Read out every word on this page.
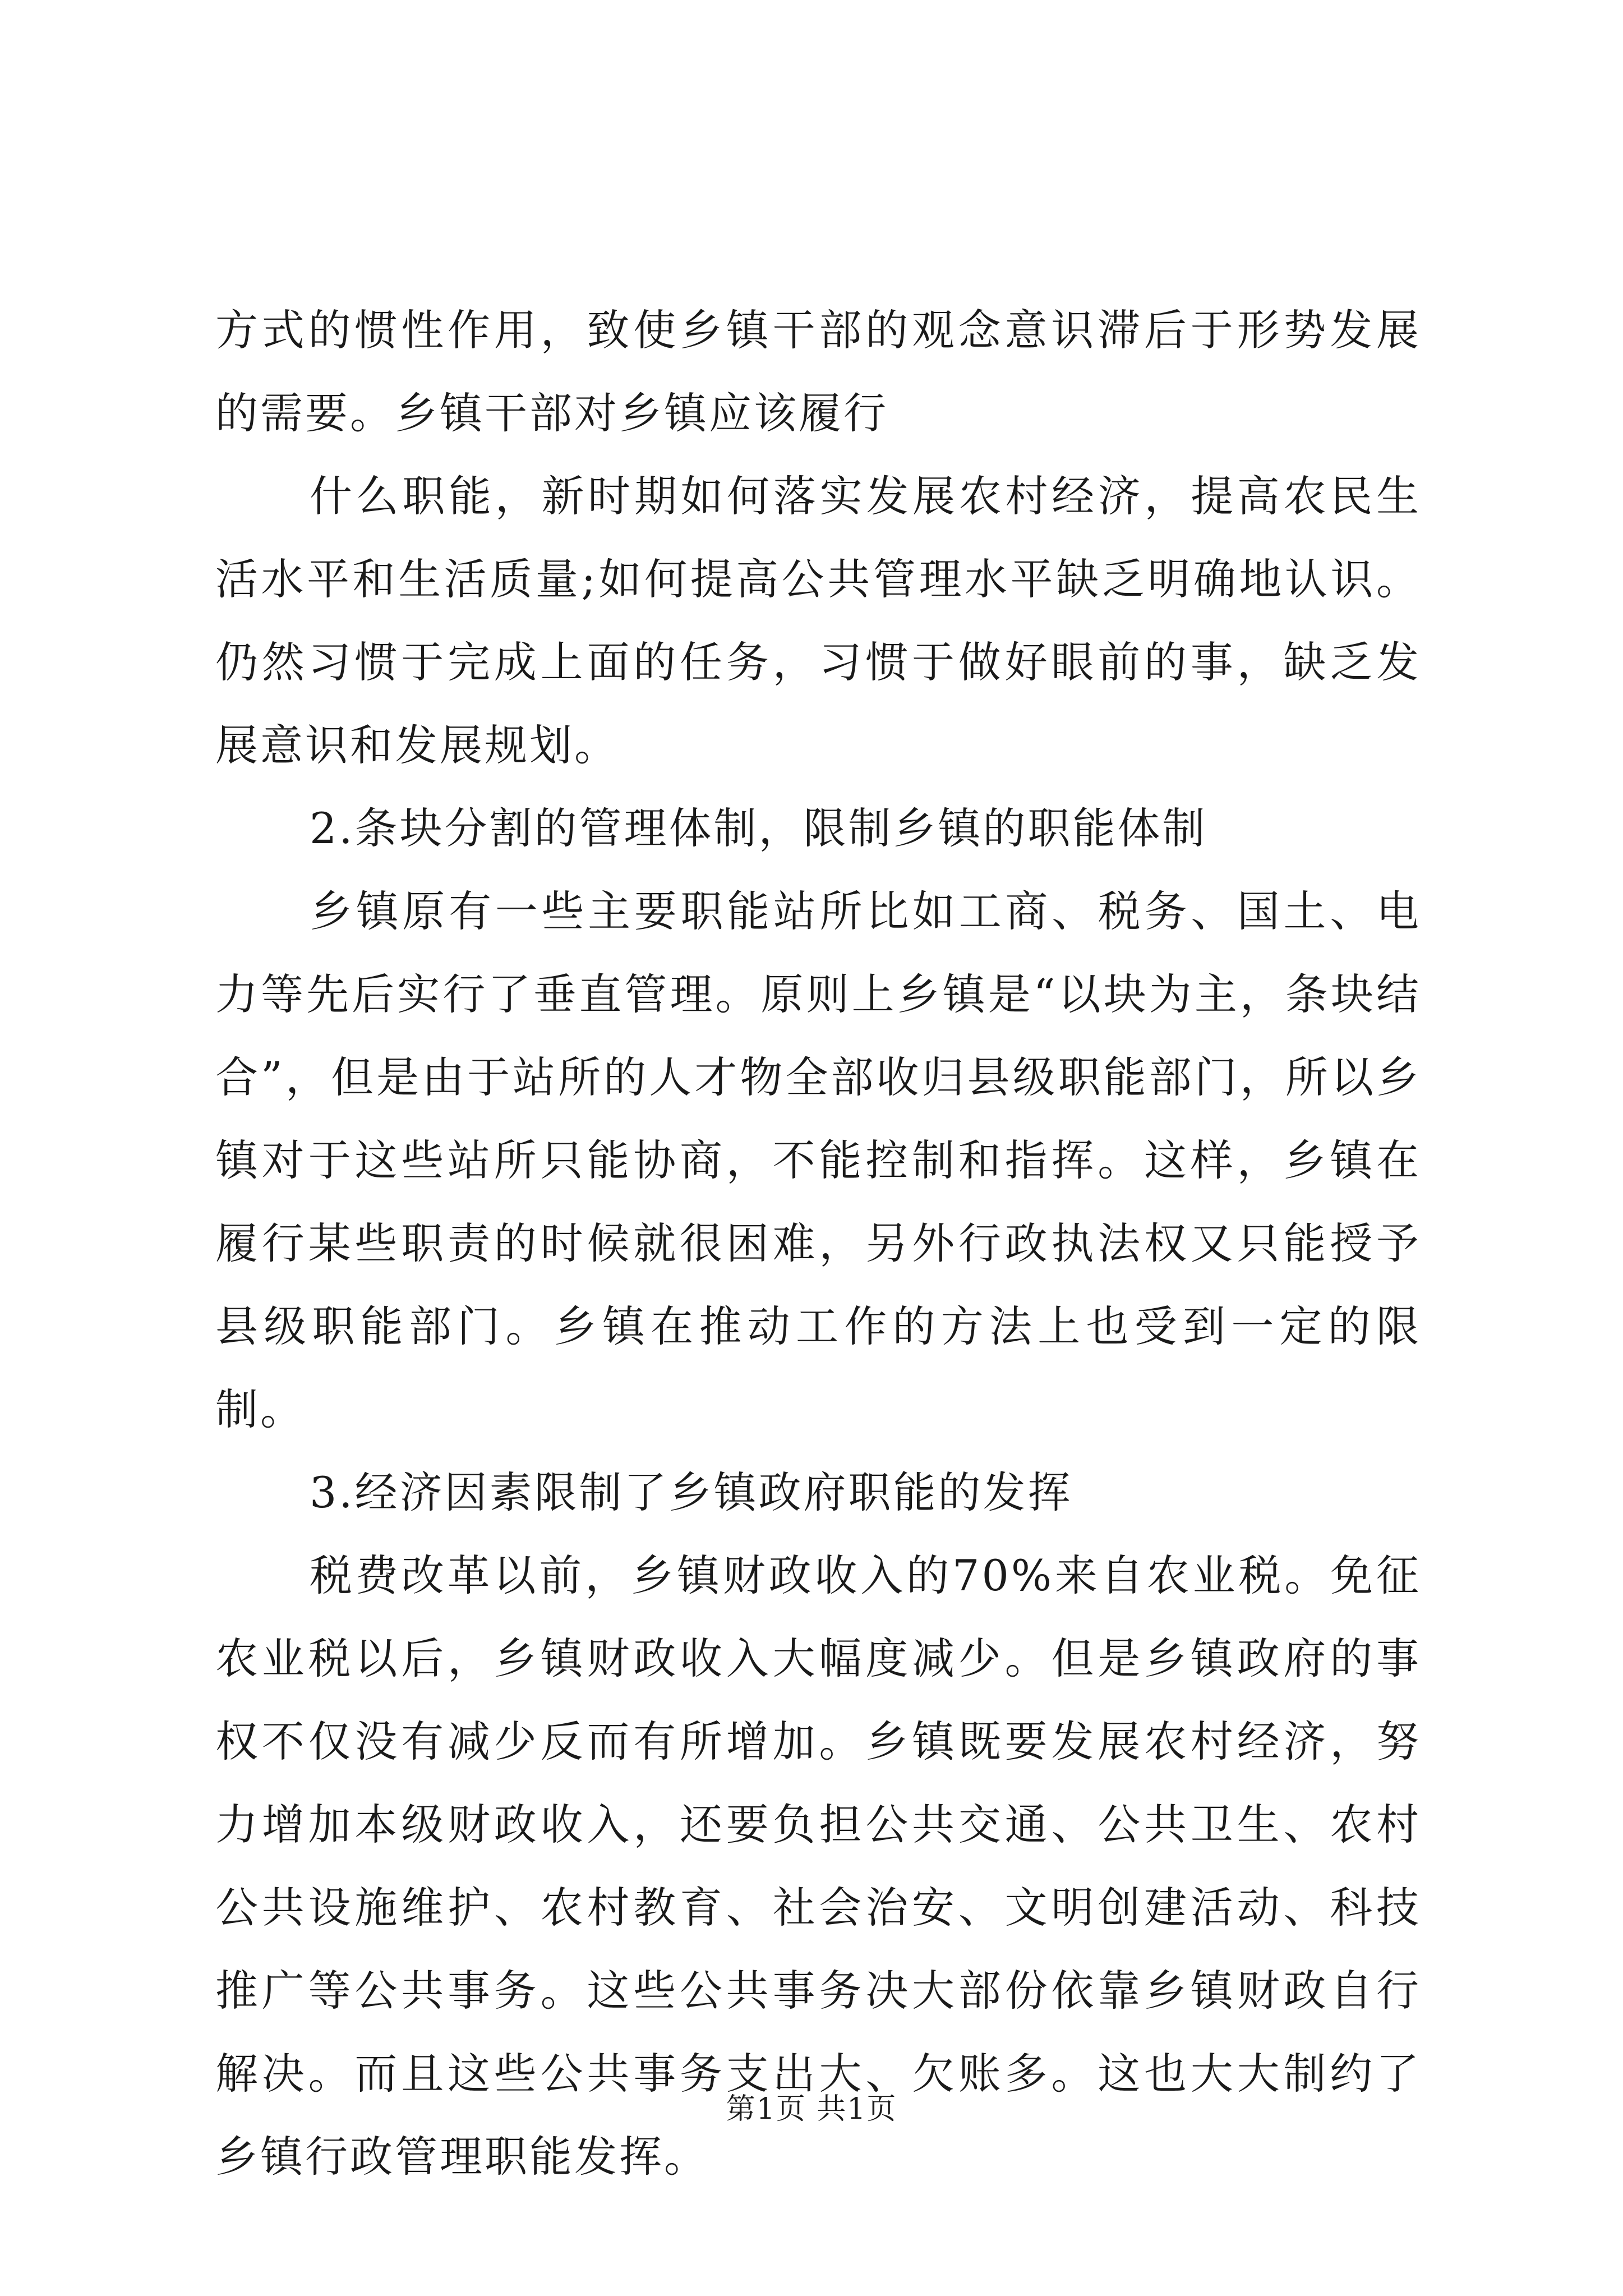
方式的惯性作用，致使乡镇干部的观念意识滞后于形势发展的需要。乡镇干部对乡镇应该履行

什么职能，新时期如何落实发展农村经济，提高农民生活水平和生活质量;如何提高公共管理水平缺乏明确地认识。仍然习惯于完成上面的任务，习惯于做好眼前的事，缺乏发展意识和发展规划。

2.条块分割的管理体制，限制乡镇的职能体制

乡镇原有一些主要职能站所比如工商、税务、国土、电力等先后实行了垂直管理。原则上乡镇是“以块为主，条块结合”，但是由于站所的人才物全部收归县级职能部门，所以乡镇对于这些站所只能协商，不能控制和指挥。这样，乡镇在履行某些职责的时候就很困难，另外行政执法权又只能授予县级职能部门。乡镇在推动工作的方法上也受到一定的限制。

3.经济因素限制了乡镇政府职能的发挥

税费改革以前，乡镇财政收入的70%来自农业税。免征农业税以后，乡镇财政收入大幅度减少。但是乡镇政府的事权不仅没有减少反而有所增加。乡镇既要发展农村经济，努力增加本级财政收入，还要负担公共交通、公共卫生、农村公共设施维护、农村教育、社会治安、文明创建活动、科技推广等公共事务。这些公共事务决大部份依靠乡镇财政自行解决。而且这些公共事务支出大、欠账多。这也大大制约了乡镇行政管理职能发挥。

第1页 共1页
